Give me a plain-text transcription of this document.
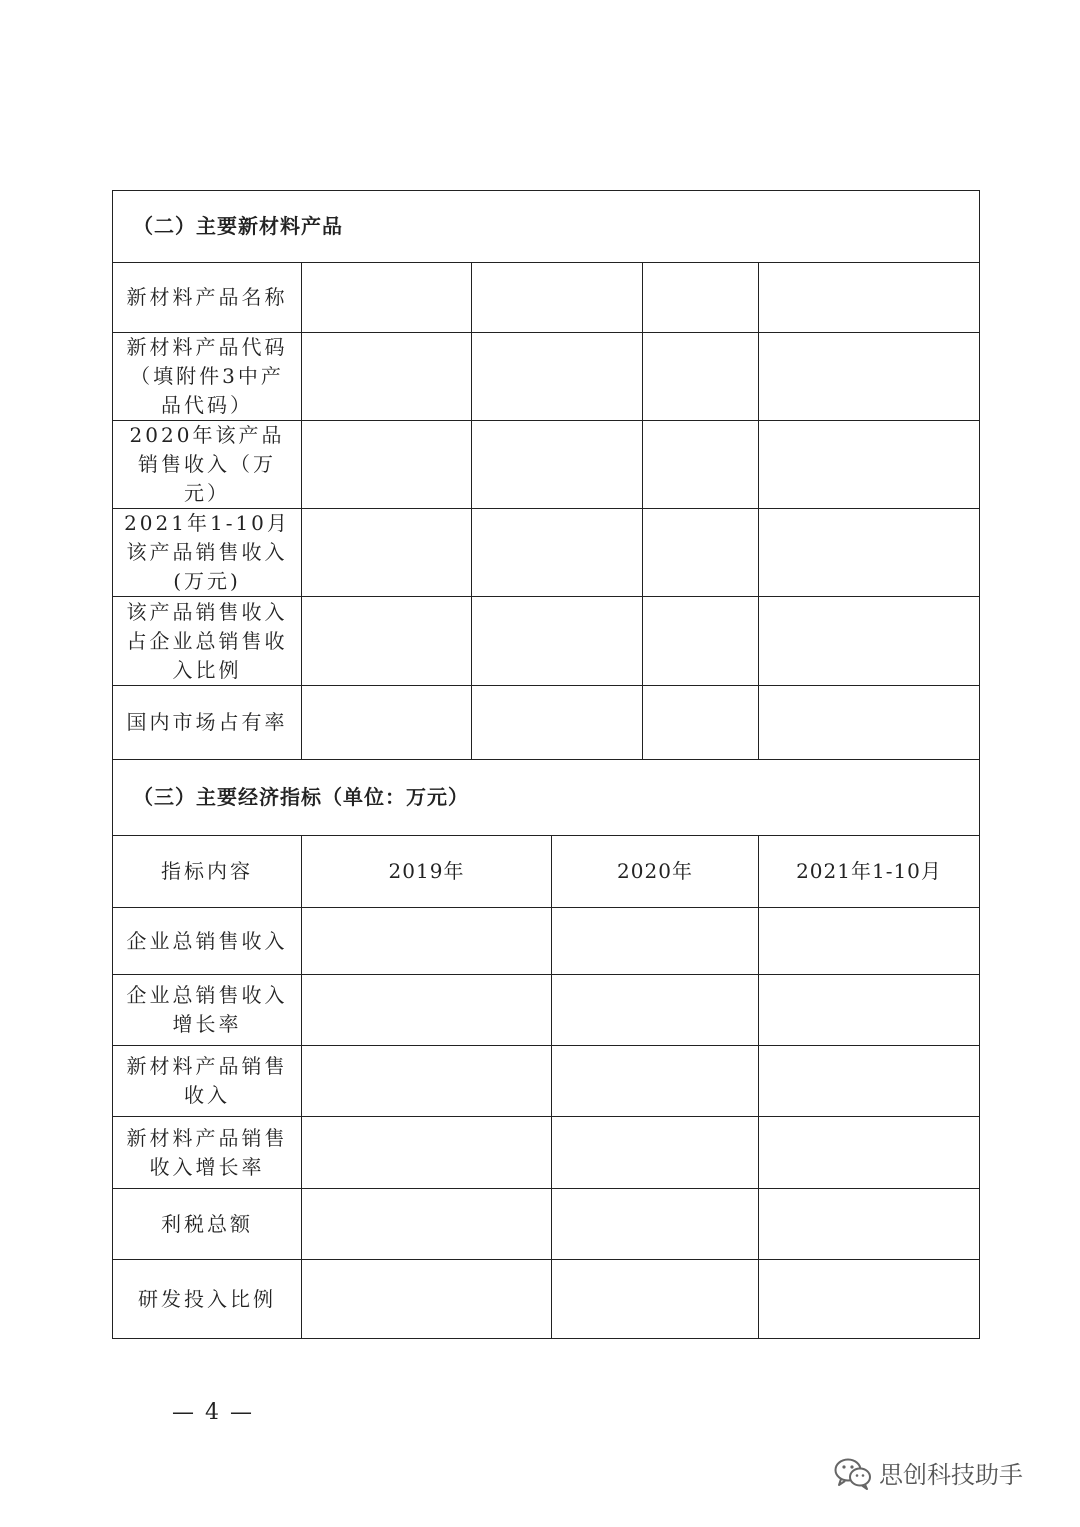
（二）主要新材料产品					
新材料产品名称					
新材料产品代码（填附件3中产品代码）					
2020年该产品销售收入（万元）					
2021年1-10月该产品销售收入(万元)					
该产品销售收入占企业总销售收入比例					
国内市场占有率					
（三）主要经济指标（单位：万元）					
指标内容	2019年		2020年		2021年1-10月
企业总销售收入					
企业总销售收入增长率					
新材料产品销售收入					
新材料产品销售收入增长率					
利税总额					
研发投入比例					
— 4 —
思创科技助手
